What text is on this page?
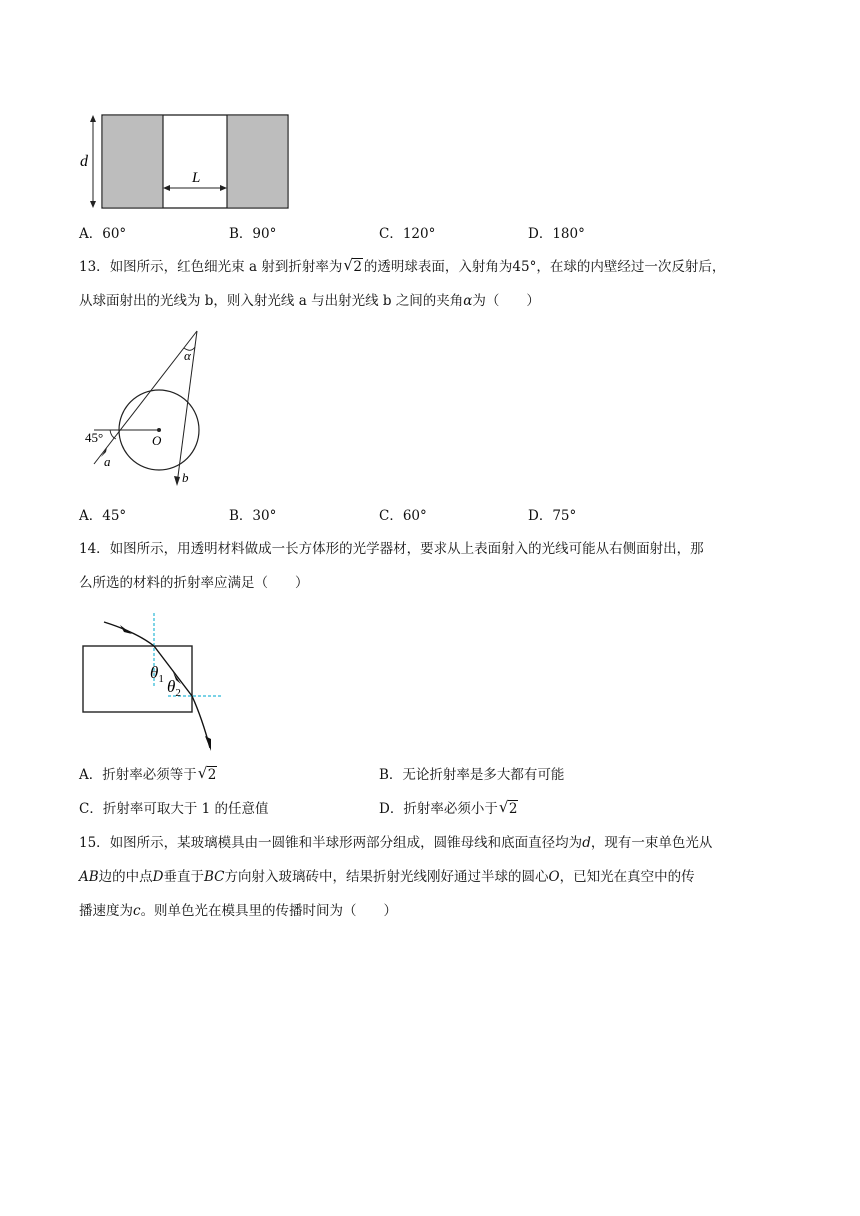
d
L
A．60°	B．90°	C．120°	D．180°
13．如图所示，红色细光束 a 射到折射率为 √ 2 的透明球表面，入射角为45°，在球的内壁经过一次反射后，
从球面射出的光线为 b，则入射光线 a 与出射光线 b 之间的夹角α为（　　）
α
45°	O
a
b
A．45°	B．30°	C．60°	D．75°
14．如图所示，用透明材料做成一长方体形的光学器材，要求从上表面射入的光线可能从右侧面射出，那
么所选的材料的折射率应满足（　　）
$\theta_1$ $\theta_2$
A．折射率必须等于 √ 2	B．无论折射率是多大都有可能
C．折射率可取大于 1 的任意值	D．折射率必须小于 √ 2
15．如图所示，某玻璃模具由一圆锥和半球形两部分组成，圆锥母线和底面直径均为d，现有一束单色光从
AB边的中点D垂直于BC方向射入玻璃砖中，结果折射光线刚好通过半球的圆心O，已知光在真空中的传
播速度为c。则单色光在模具里的传播时间为（　　）
